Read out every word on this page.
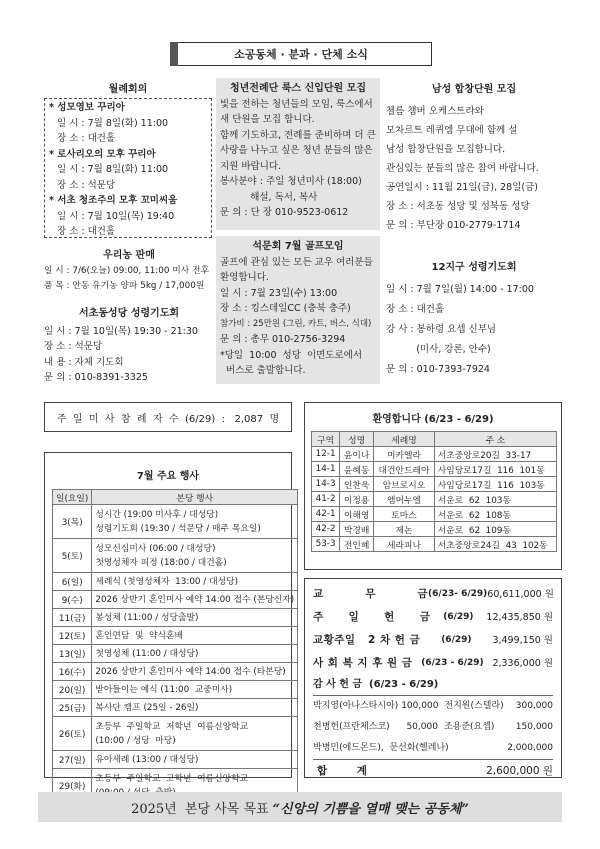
소공동체 · 분과 · 단체 소식
월례회의
* 성모영보 꾸리아
일 시 : 7월 8일(화) 11:00
장 소 : 대건홀
* 로사리오의 모후 꾸리아
일 시 : 7월 8일(화) 11:00
장 소 : 석문당
* 서초 청조주의 모후 꼬미씨움
일 시 : 7월 10일(목) 19:40
장 소 : 대건홀
우리농 판매
일 시 : 7/6(오늘) 09:00, 11:00 미사 전후
품 목 : 안동 유기농 양파 5kg / 17,000원
서초동성당 성령기도회
일 시 : 7월 10일(목) 19:30 - 21:30
장 소 : 석문당
내 용 : 자체 기도회
문 의 : 010-8391-3325
청년전례단 룩스 신입단원 모집
빛을 전하는 청년들의 모임, 룩스에서
새 단원을 모집 합니다.
함께 기도하고, 전례를 준비하며 더 큰
사랑을 나누고 싶은 청년 분들의 많은
지원 바랍니다.
봉사분야 : 주일 청년미사 (18:00)
해설, 독서, 복사
문 의 : 단 장 010-9523-0612
석문회 7월 골프모임
골프에 관심 있는 모든 교우 여러분들
환영합니다.
일 시 : 7월 23일(수) 13:00
장 소 : 킹스데일CC (충북 충주)
참가비 : 25만원 (그린, 카트, 버스, 식대)
문 의 : 총무 010-2756-3294
*당일  10:00  성당  이면도로에서
버스로 출발합니다.
남성 합창단원 모집
첼름 챔버 오케스트라와
모차르트 레퀴엠 무대에 함께 설
남성 합창단원을 모집합니다.
관심있는 분들의 많은 참여 바랍니다.
공연일시 : 11월 21일(금), 28일(금)
장 소 : 서초동 성당 및 성북동 성당
문 의 : 부단장 010-2779-1714
12지구 성령기도회
일 시 : 7월 7일(월) 14:00 - 17:00
장 소 : 대건홀
강 사 : 봉하령 요셉 신부님
(미사, 강론, 안수)
문 의 : 010-7393-7924
주  일  미  사  참  례  자  수  (6/29)  :   2,087  명
7월 주요 행사
일(요일)	본당 행사
3(목)	성시간 (19:00 미사후 / 대성당)
성령기도회 (19:30 / 석문당 / 매주 목요일)

5(토)	성모신심미사 (06:00 / 대성당)
첫영성체자 피정 (18:00 / 대건홀)

6(일)	세례식 (첫영성체자  13:00 / 대성당)

9(수)	2026 상반기 혼인미사 예약 14:00 접수 (본당신자)

11(금)	봉성체 (11:00 / 성당출발)

12(토)	혼인면담  및  약식혼배

13(일)	첫영성체 (11:00 / 대성당)

16(수)	2026 상반기 혼인미사 예약 14:00 접수 (타본당)

20(일)	받아들이는 예식 (11:00  교중미사)

25(금)	복사단 캠프 (25일 - 26일)

26(토)	초등부  주일학교  저학년  여름신앙학교
(10:00 / 성당  마당)

27(일)	유아세례 (13:00 / 대성당)

29(화)	초등부  주일학교  고학년  여름신앙학교
환영합니다 (6/23 - 6/29)
구역	성명	세례명	주 소
12-1	윤이나	미카엘라	서초중앙로20길  33-17
14-1	윤혜동	대건안드레아	사임당로17길  116  101동
14-3	인찬욱	암브로시오	사임당로17길  116  103동
41-2	이정용	앰머누엘	서운로  62  103동
42-1	이해영	토마스	서운로  62  108동
42-2	박경배	제논	서운로  62  109동
53-3	전인혜	세라피나	서초중앙로24길  43  102동
교          무          금 (6/23- 6/29) 60,611,000 원
주      일      헌      금 (6/29) 12,435,850 원
교황주일   2 차 헌 금 (6/29) 3,499,150 원
사 회 복 지 후 원 금 (6/23 - 6/29) 2,336,000 원
감 사 헌 금  (6/23 - 6/29)
박지영(아나스타시아) 100,000 전지원(스텔라)	300,000
천병헌(프란체스코)	50,000 조용준(요셉)	150,000
박병민(에드몬드),  문선화(헬레나)	2,000,000
합       계	2,600,000 원
2025년  본당 사목 목표 “신앙의 기쁨을 열매 맺는 공동체”
